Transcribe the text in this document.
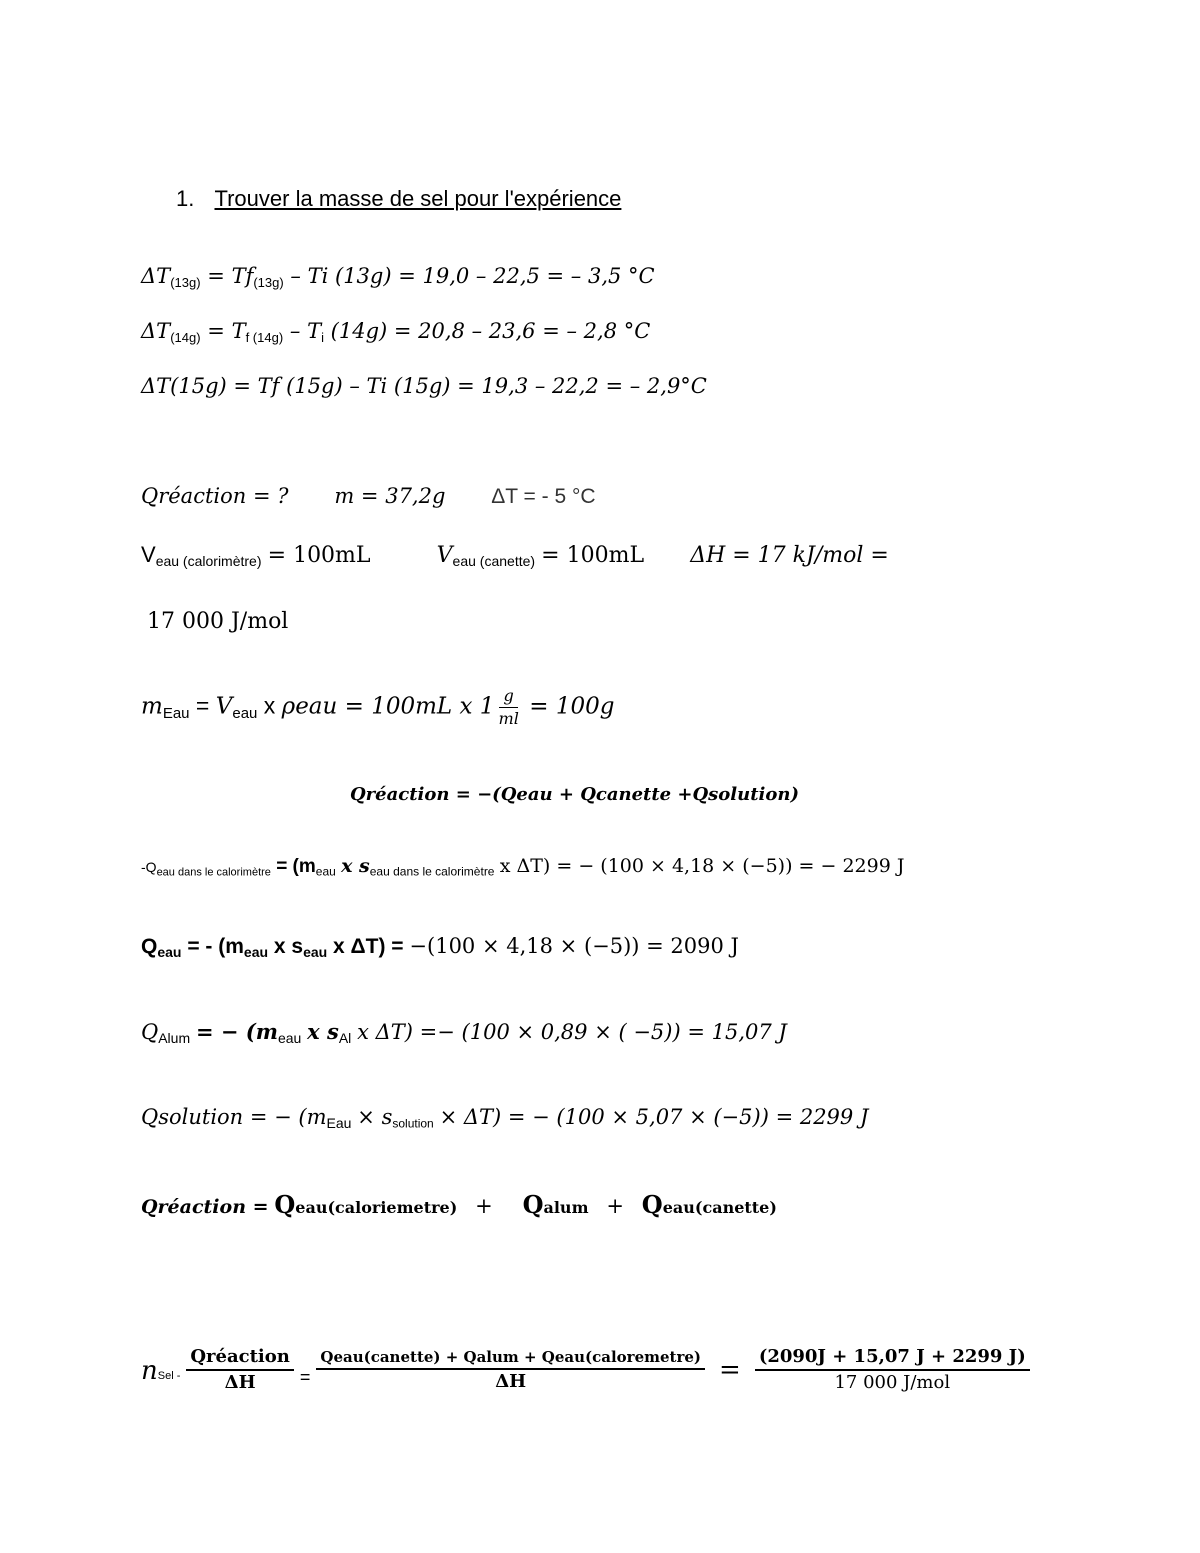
1. Trouver la masse de sel pour l'expérience
$\Delta T_{(13g)} = Tf_{(13g)} - Ti$ (13g) = 19,0 – 22,5 = – 3,5 °C
$\Delta T_{(14g)} = T_{f (14g)} - T_i$ (14g) = 20,8 – 23,6 = – 2,8 °C
ΔT(15g) = Tf (15g) – Ti (15g) = 19,3 – 22,2 = – 2,9°C
Qréaction = ? m = 37,2g ΔT = - 5 °C
$V_{eau (calorimètre)} = 100mL$	$V_{eau (canette)} = 100mL$ ΔH = 17 kJ/mol =
17 000 J/mol
$m_{Eau} = V_{eau}$ x ρeau = 100mL x $1 \frac{g}{ml} = 100g$
Qréaction = −(Qeau + Qcanette +Qsolution)
$-Q_{eau dans le calorimètre} = (m_{eau}$ x $s_{eau dans le calorimètre}$ x ΔT) = − (100 × 4,18 × (−5)) = − 2299 J
$Q_{eau}$ = - ($m_{eau}$ x $s_{eau}$ x ΔT) = −(100 × 4,18 × (−5)) = 2090 J
$Q_{Alum}$ = − ($m_{eau}$ x $s_{Al}$ x ΔT) =− (100 × 0,89 × ( −5)) = 15,07 J
Qsolution = − $(m_{Eau} \times s_{solution} \times \Delta T)$ = − (100 × 5,07 × (−5)) = 2299 J
Qréaction = Qeau(caloriemetre) + Qalum + Qeau(canette)
nSel - $\frac{\text{Qréaction}}{\Delta H} = \frac{\text{Qeau(canette) + Qalum + Qeau(caloremetre)}}{\Delta H} = \frac{(2090J + 15,07 J + 2299 J)}{\text{17 000 J/mol}}$
